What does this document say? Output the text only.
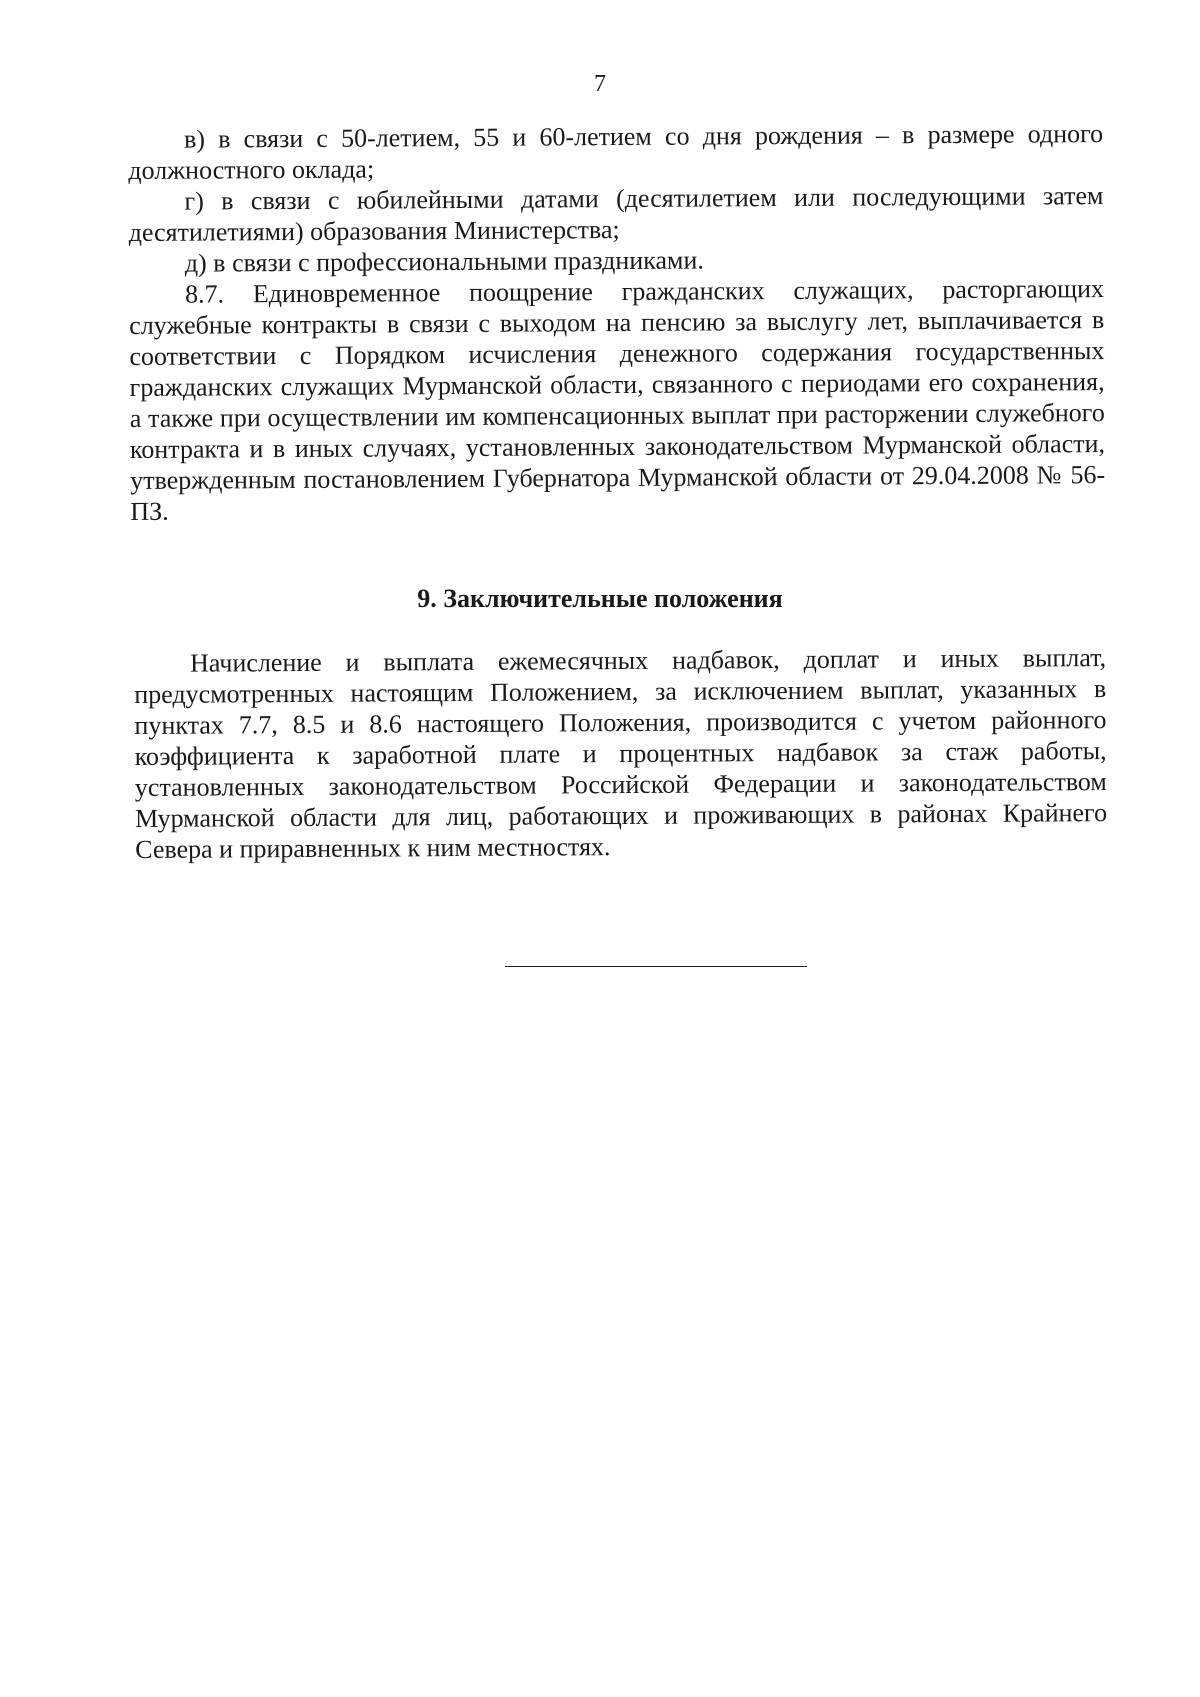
7

в) в связи с 50-летием, 55 и 60-летием со дня рождения – в размере одного должностного оклада;

г) в связи с юбилейными датами (десятилетием или последующими затем десятилетиями) образования Министерства;

д) в связи с профессиональными праздниками.

8.7. Единовременное поощрение гражданских служащих, расторгающих служебные контракты в связи с выходом на пенсию за выслугу лет, выплачивается в соответствии с Порядком исчисления денежного содержания государственных гражданских служащих Мурманской области, связанного с периодами его сохранения, а также при осуществлении им компенсационных выплат при расторжении служебного контракта и в иных случаях, установленных законодательством Мурманской области, утвержденным постановлением Губернатора Мурманской области от 29.04.2008 № 56-ПЗ.

9. Заключительные положения

Начисление и выплата ежемесячных надбавок, доплат и иных выплат, предусмотренных настоящим Положением, за исключением выплат, указанных в пунктах 7.7, 8.5 и 8.6 настоящего Положения, производится с учетом районного коэффициента к заработной плате и процентных надбавок за стаж работы, установленных законодательством Российской Федерации и законодательством Мурманской области для лиц, работающих и проживающих в районах Крайнего Севера и приравненных к ним местностях.
